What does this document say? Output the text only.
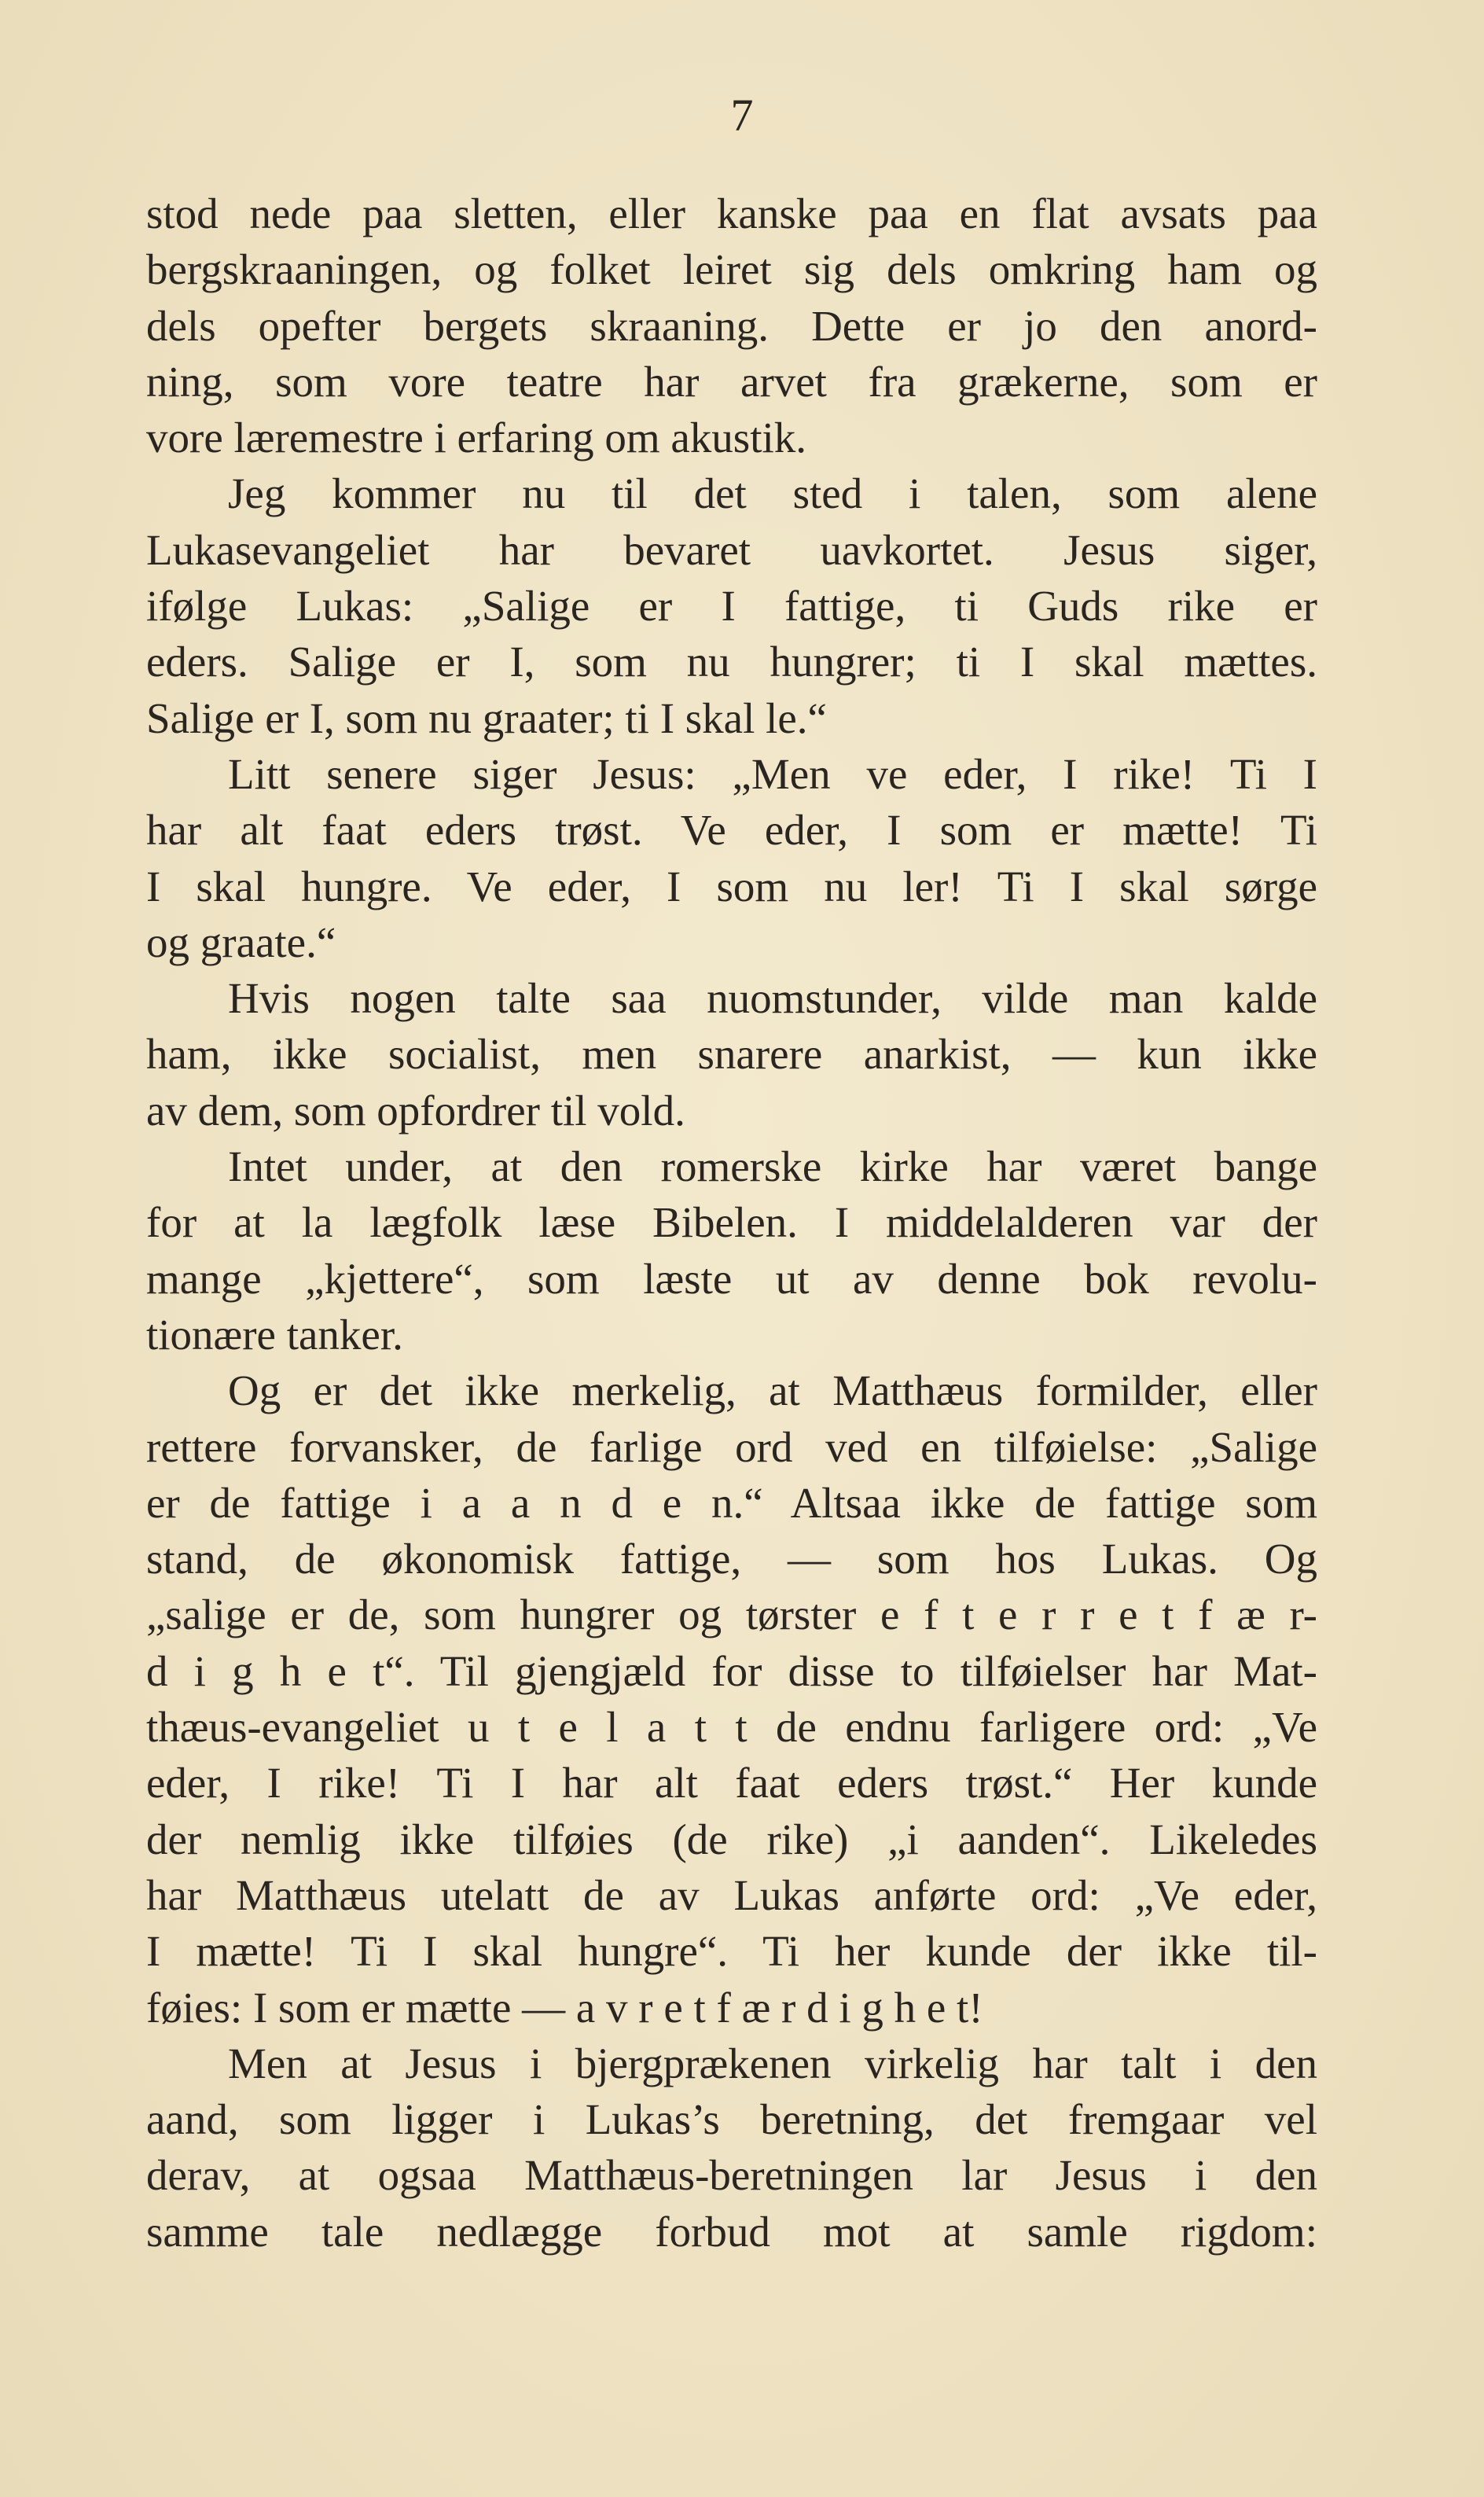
7
stod nede paa sletten, eller kanske paa en flat avsats paa
bergskraaningen, og folket leiret sig dels omkring ham og
dels opefter bergets skraaning. Dette er jo den anord-
ning, som vore teatre har arvet fra grækerne, som er
vore læremestre i erfaring om akustik.
Jeg kommer nu til det sted i talen, som alene
Lukasevangeliet har bevaret uavkortet. Jesus siger,
ifølge Lukas: „Salige er I fattige, ti Guds rike er
eders. Salige er I, som nu hungrer; ti I skal mættes.
Salige er I, som nu graater; ti I skal le.“
Litt senere siger Jesus: „Men ve eder, I rike! Ti I
har alt faat eders trøst. Ve eder, I som er mætte! Ti
I skal hungre. Ve eder, I som nu ler! Ti I skal sørge
og graate.“
Hvis nogen talte saa nuomstunder, vilde man kalde
ham, ikke socialist, men snarere anarkist, — kun ikke
av dem, som opfordrer til vold.
Intet under, at den romerske kirke har været bange
for at la lægfolk læse Bibelen. I middelalderen var der
mange „kjettere“, som læste ut av denne bok revolu-
tionære tanker.
Og er det ikke merkelig, at Matthæus formilder, eller
rettere forvansker, de farlige ord ved en tilføielse: „Salige
er de fattige i a a n d e n.“ Altsaa ikke de fattige som
stand, de økonomisk fattige, — som hos Lukas. Og
„salige er de, som hungrer og tørster e f t e r r e t f æ r-
d i g h e t“. Til gjengjæld for disse to tilføielser har Mat-
thæus-evangeliet u t e l a t t de endnu farligere ord: „Ve
eder, I rike! Ti I har alt faat eders trøst.“ Her kunde
der nemlig ikke tilføies (de rike) „i aanden“. Likeledes
har Matthæus utelatt de av Lukas anførte ord: „Ve eder,
I mætte! Ti I skal hungre“. Ti her kunde der ikke til-
føies: I som er mætte — a v r e t f æ r d i g h e t!
Men at Jesus i bjergprækenen virkelig har talt i den
aand, som ligger i Lukas’s beretning, det fremgaar vel
derav, at ogsaa Matthæus-beretningen lar Jesus i den
samme tale nedlægge forbud mot at samle rigdom:
